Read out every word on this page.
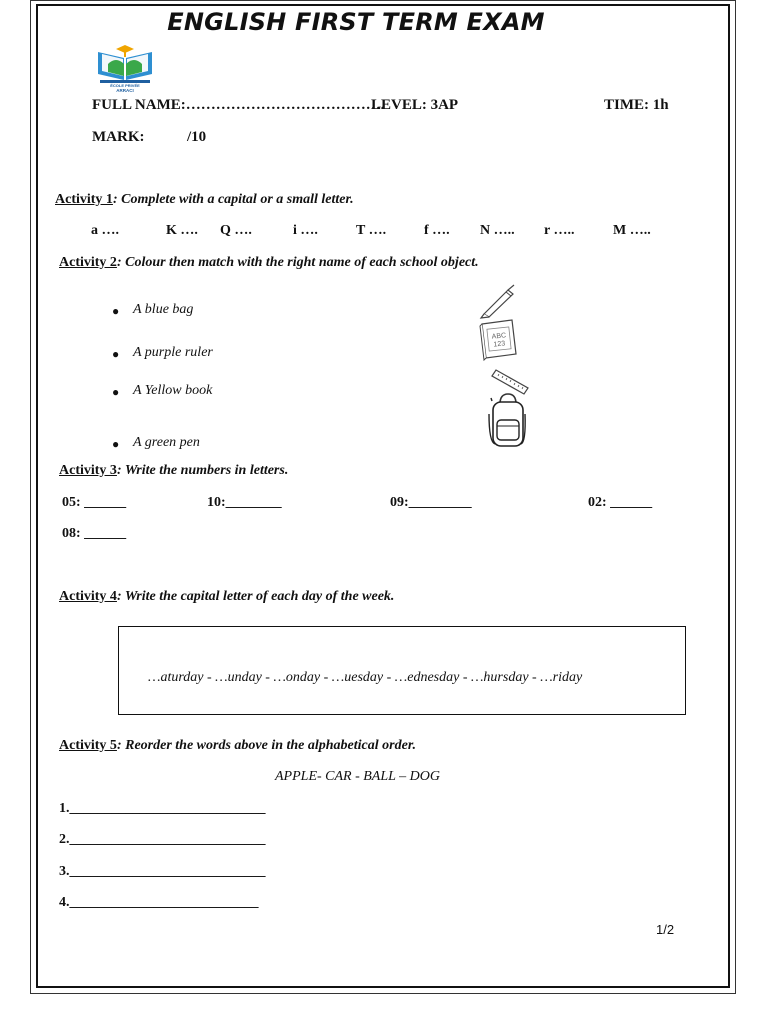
ENGLISH FIRST TERM EXAM
ÉCOLE PRIVÉE
ARRACI
FULL NAME:………………………………….
LEVEL: 3AP	TIME: 1h
MARK:	/10
Activity 1: Complete with a capital or a small letter.
a ….	K …. Q ….	i ….	T ….	f …. N ….. r …..	M …..
Activity 2: Colour then match with the right name of each school object.
● A blue bag
● A purple ruler
● A Yellow book
● A green pen
ABC
123
Activity 3: Write the numbers in letters.
05: ______	10:________	09:_________	02: ______
08: ______
Activity 4: Write the capital letter of each day of the week.
…aturday - …unday - …onday - …uesday - …ednesday - …hursday - …riday
Activity 5: Reorder the words above in the alphabetical order.
APPLE- CAR - BALL – DOG
1.____________________________
2.____________________________
3.____________________________
4.___________________________
1/2
